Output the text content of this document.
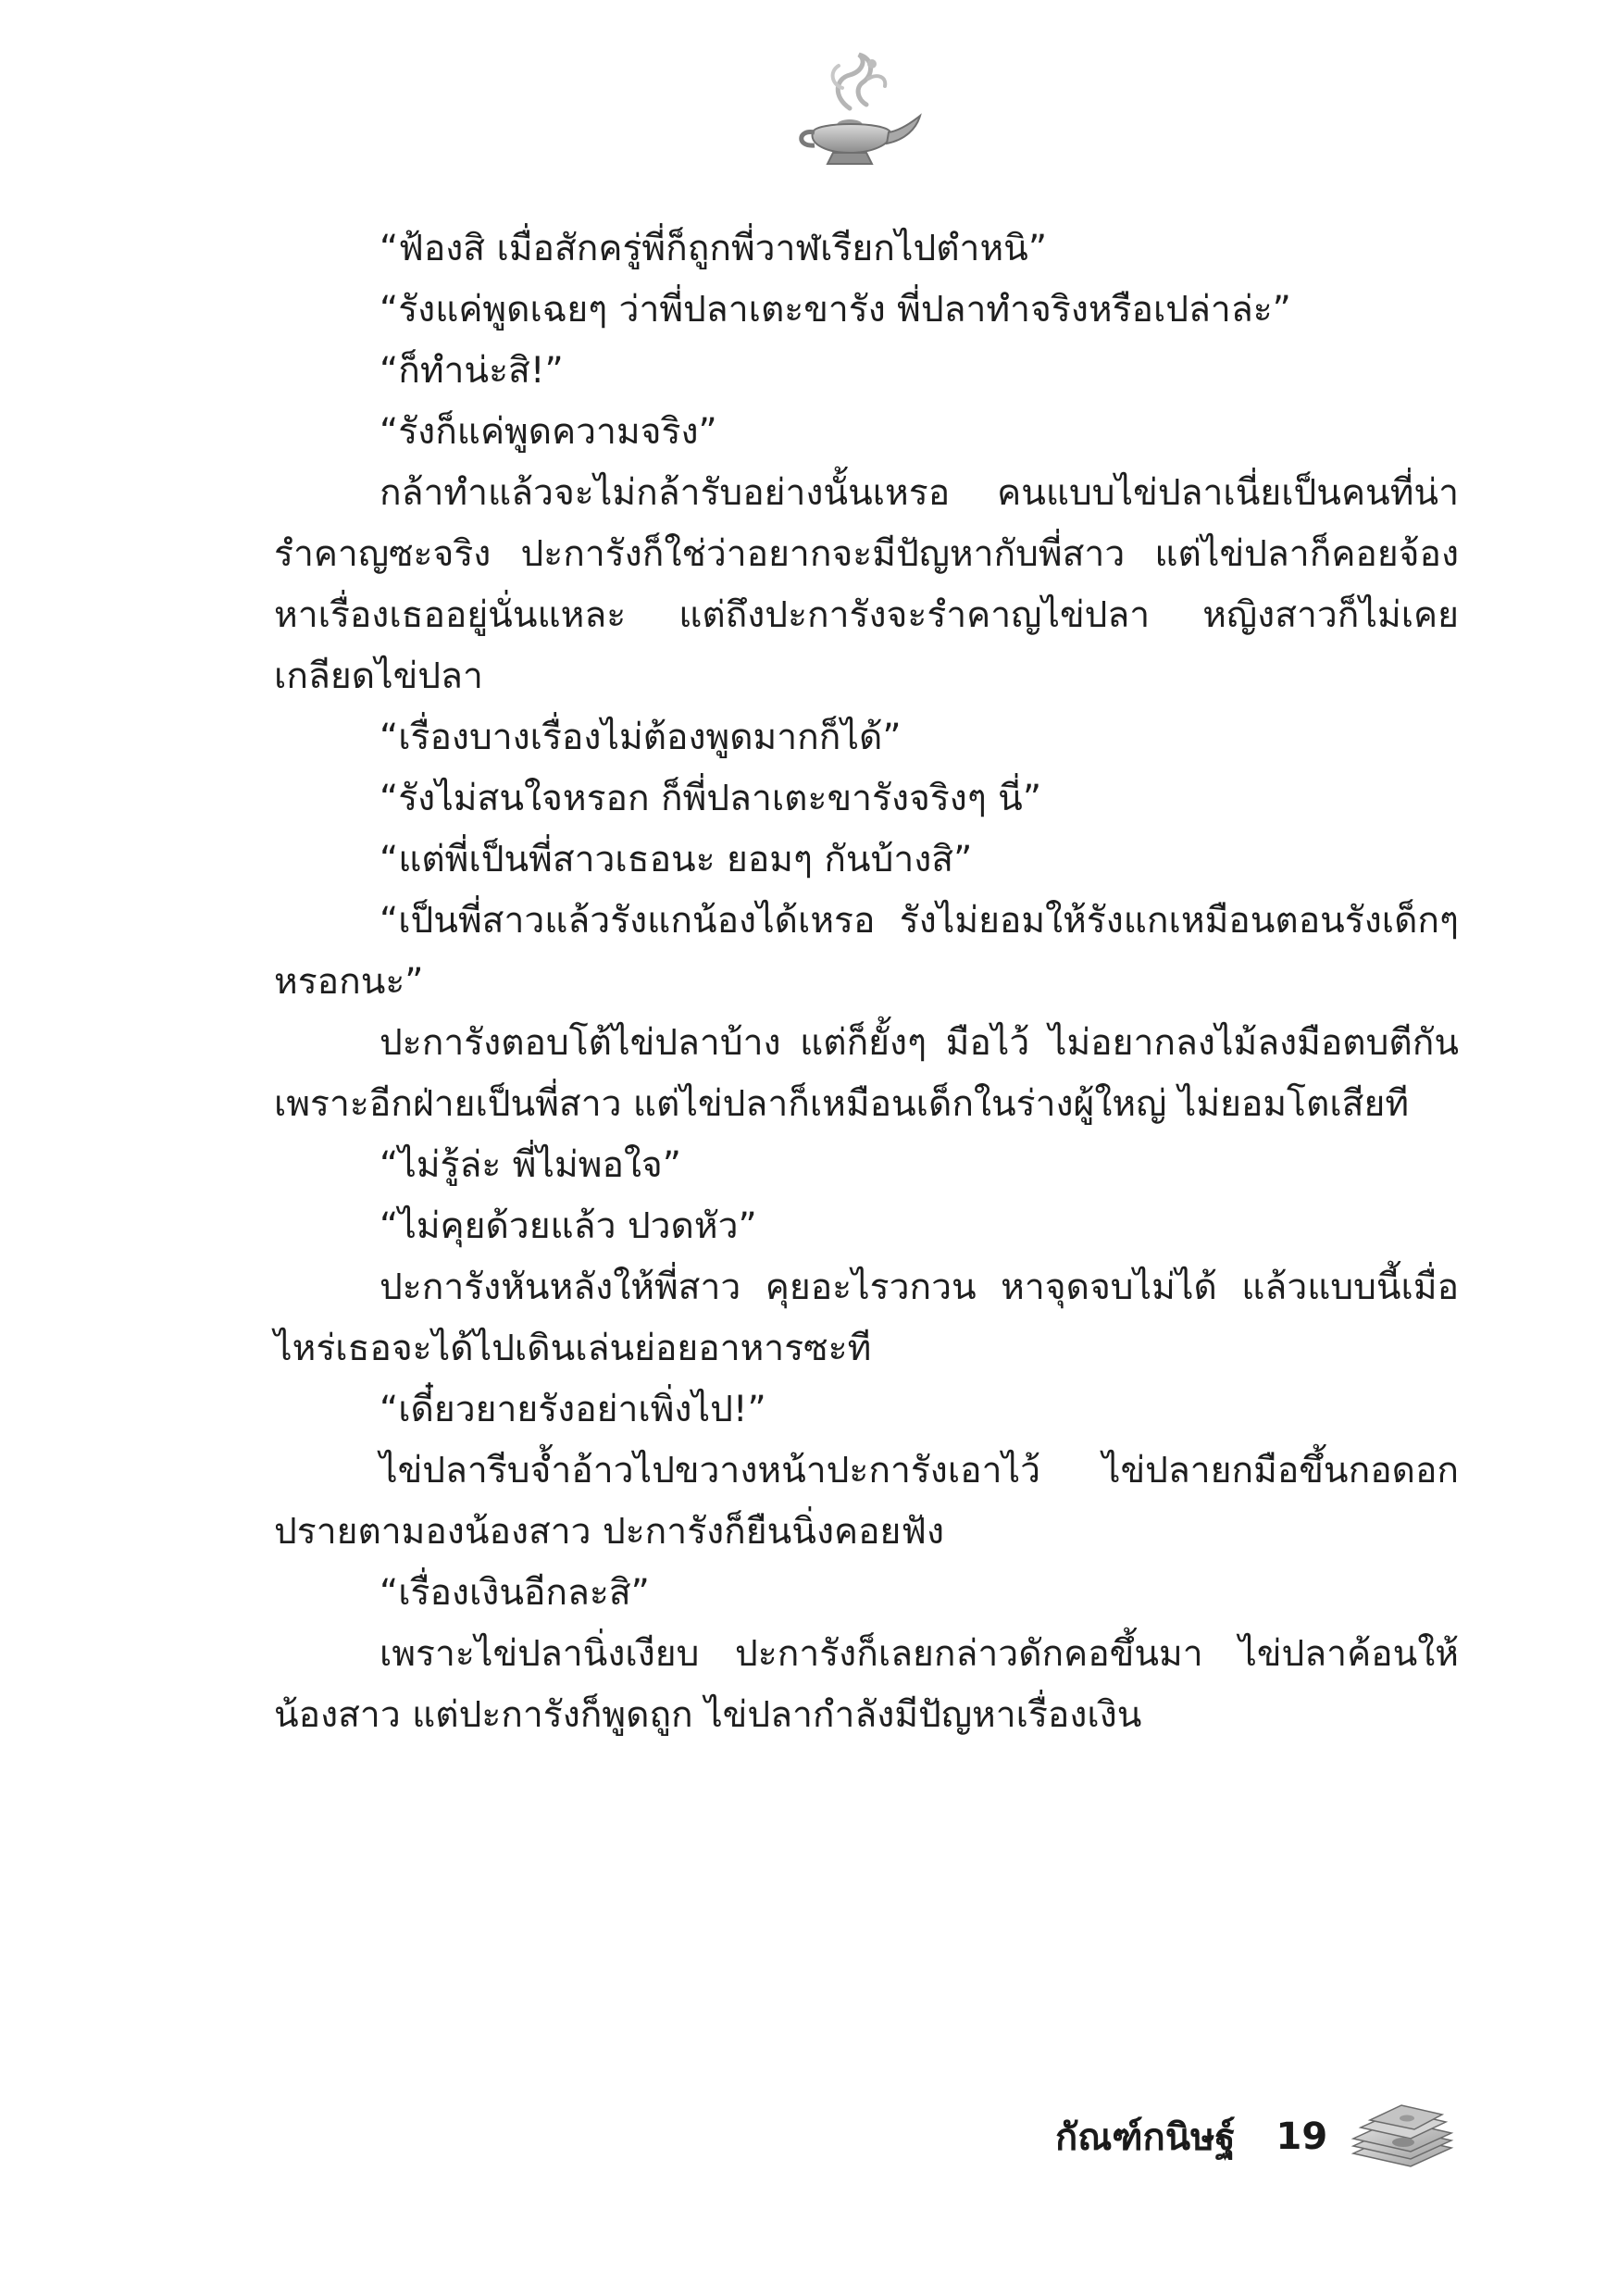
“ฟ้องสิ เมื่อสักครู่พี่ก็ถูกพี่วาฬเรียกไปตำหนิ”

“รังแค่พูดเฉยๆ ว่าพี่ปลาเตะขารัง พี่ปลาทำจริงหรือเปล่าล่ะ”

“ก็ทำน่ะสิ!”

“รังก็แค่พูดความจริง”

กล้าทำแล้วจะไม่กล้ารับอย่างนั้นเหรอ คนแบบไข่ปลาเนี่ยเป็นคนที่น่ารำคาญซะจริง ปะการังก็ใช่ว่าอยากจะมีปัญหากับพี่สาว แต่ไข่ปลาก็คอยจ้องหาเรื่องเธออยู่นั่นแหละ แต่ถึงปะการังจะรำคาญไข่ปลา หญิงสาวก็ไม่เคยเกลียดไข่ปลา

“เรื่องบางเรื่องไม่ต้องพูดมากก็ได้”

“รังไม่สนใจหรอก ก็พี่ปลาเตะขารังจริงๆ นี่”

“แต่พี่เป็นพี่สาวเธอนะ ยอมๆ กันบ้างสิ”

“เป็นพี่สาวแล้วรังแกน้องได้เหรอ รังไม่ยอมให้รังแกเหมือนตอนรังเด็กๆ หรอกนะ”

ปะการังตอบโต้ไข่ปลาบ้าง แต่ก็ยั้งๆ มือไว้ ไม่อยากลงไม้ลงมือตบตีกันเพราะอีกฝ่ายเป็นพี่สาว แต่ไข่ปลาก็เหมือนเด็กในร่างผู้ใหญ่ ไม่ยอมโตเสียที

“ไม่รู้ล่ะ พี่ไม่พอใจ”

“ไม่คุยด้วยแล้ว ปวดหัว”

ปะการังหันหลังให้พี่สาว คุยอะไรวกวน หาจุดจบไม่ได้ แล้วแบบนี้เมื่อไหร่เธอจะได้ไปเดินเล่นย่อยอาหารซะที

“เดี๋ยวยายรังอย่าเพิ่งไป!”

ไข่ปลารีบจ้ำอ้าวไปขวางหน้าปะการังเอาไว้ ไข่ปลายกมือขึ้นกอดอกปรายตามองน้องสาว ปะการังก็ยืนนิ่งคอยฟัง

“เรื่องเงินอีกละสิ”

เพราะไข่ปลานิ่งเงียบ ปะการังก็เลยกล่าวดักคอขึ้นมา ไข่ปลาค้อนให้น้องสาว แต่ปะการังก็พูดถูก ไข่ปลากำลังมีปัญหาเรื่องเงิน

กัณฑ์กนิษฐ์ 19
